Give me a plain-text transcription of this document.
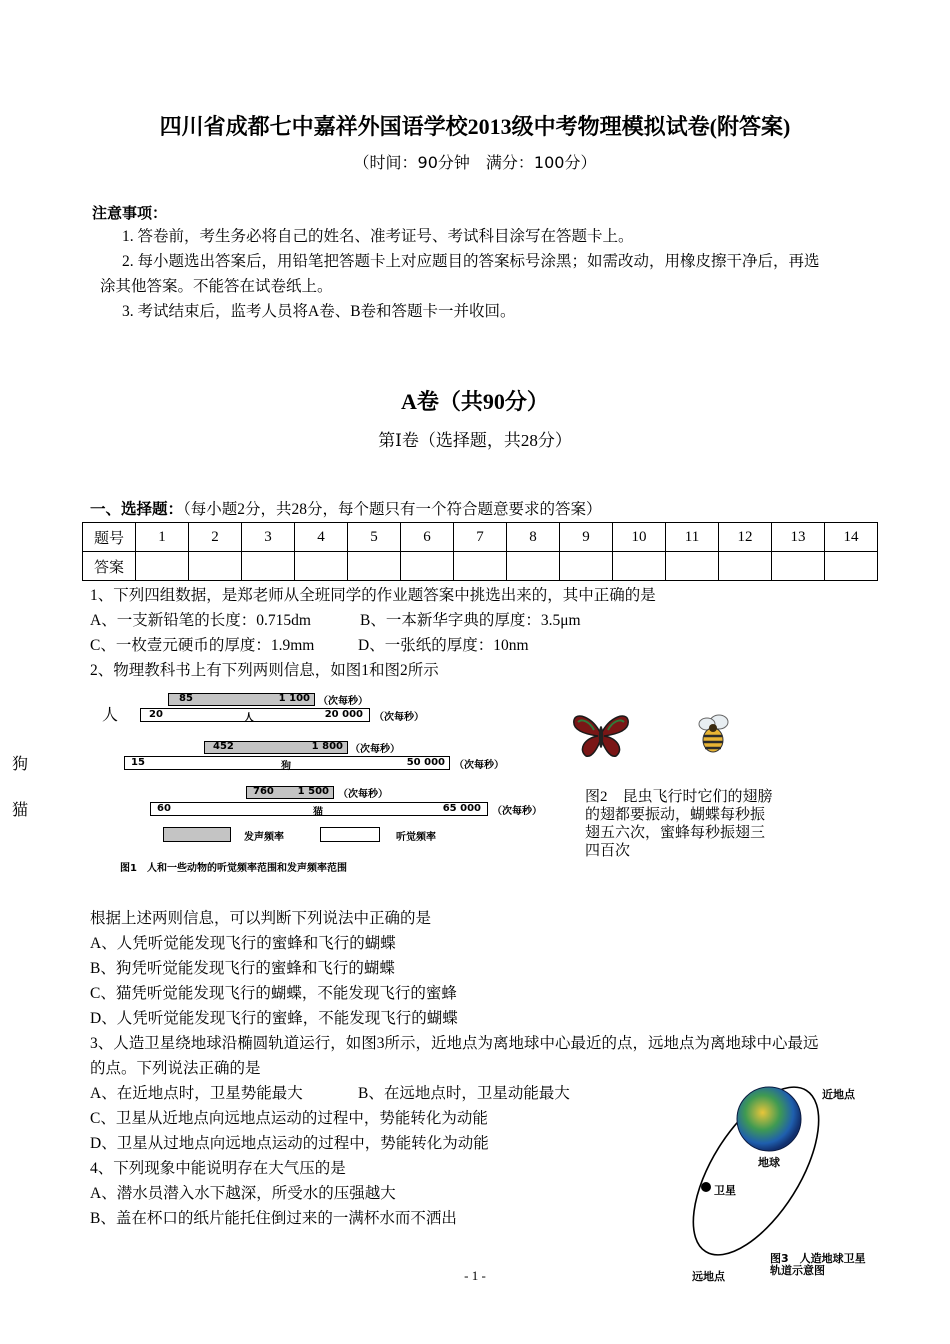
四川省成都七中嘉祥外国语学校2013级中考物理模拟试卷(附答案)
（时间：90分钟　满分：100分）
注意事项：
1. 答卷前，考生务必将自己的姓名、准考证号、考试科目涂写在答题卡上。
2. 每小题选出答案后，用铅笔把答题卡上对应题目的答案标号涂黑；如需改动，用橡皮擦干净后，再选
涂其他答案。不能答在试卷纸上。
3. 考试结束后，监考人员将A卷、B卷和答题卡一并收回。
A卷（共90分）
第Ⅰ卷（选择题，共28分）
一、选择题：（每小题2分，共28分，每个题只有一个符合题意要求的答案）
题号	1	2	3	4	5	6	7	8	9	10	11	12	13	14
答案														
1、下列四组数据，是郑老师从全班同学的作业题答案中挑选出来的，其中正确的是
A、一支新铅笔的长度：0.715dm	B、一本新华字典的厚度：3.5μm
C、一枚壹元硬币的厚度：1.9mm	D、一张纸的厚度：10nm
2、物理教科书上有下列两则信息，如图1和图2所示
人
狗
猫
85	1 100 （次每秒）
20	人	20 000 （次每秒）
452	1 800 （次每秒）
15	狗	50 000 （次每秒）
760 1 500 （次每秒）
60	猫	65 000 （次每秒）
发声频率	听觉频率
图1　人和一些动物的听觉频率范围和发声频率范围
图2　昆虫飞行时它们的翅膀的翅都要振动，蝴蝶每秒振翅五六次，蜜蜂每秒振翅三四百次
根据上述两则信息，可以判断下列说法中正确的是
A、人凭听觉能发现飞行的蜜蜂和飞行的蝴蝶
B、狗凭听觉能发现飞行的蜜蜂和飞行的蝴蝶
C、猫凭听觉能发现飞行的蝴蝶，不能发现飞行的蜜蜂
D、人凭听觉能发现飞行的蜜蜂，不能发现飞行的蝴蝶
3、人造卫星绕地球沿椭圆轨道运行，如图3所示，近地点为离地球中心最近的点，远地点为离地球中心最远
的点。下列说法正确的是
A、在近地点时，卫星势能最大	B、在远地点时，卫星动能最大
C、卫星从近地点向远地点运动的过程中，势能转化为动能
D、卫星从过地点向远地点运动的过程中，势能转化为动能
4、下列现象中能说明存在大气压的是
A、潜水员潜入水下越深，所受水的压强越大
B、盖在杯口的纸片能托住倒过来的一满杯水而不洒出
近地点
地球
卫星
远地点
图3　人造地球卫星
轨道示意图
- 1 -
